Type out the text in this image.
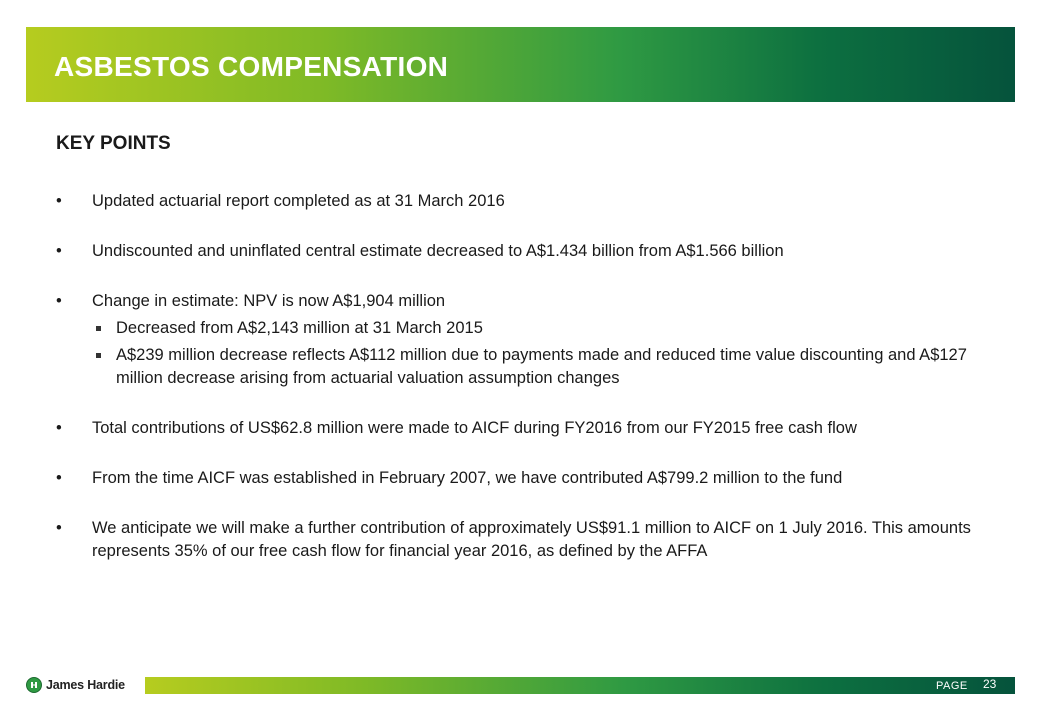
ASBESTOS COMPENSATION
KEY POINTS

• Updated actuarial report completed as at 31 March 2016

• Undiscounted and uninflated central estimate decreased to A$1.434 billion from A$1.566 billion

• Change in estimate: NPV is now A$1,904 million

Decreased from A$2,143 million at 31 March 2015

A$239 million decrease reflects A$112 million due to payments made and reduced time value discounting and A$127 million decrease arising from actuarial valuation assumption changes

• Total contributions of US$62.8 million were made to AICF during FY2016 from our FY2015 free cash flow

• From the time AICF was established in February 2007, we have contributed A$799.2 million to the fund

• We anticipate we will make a further contribution of approximately US$91.1 million to AICF on 1 July 2016. This amounts represents 35% of our free cash flow for financial year 2016, as defined by the AFFA

James Hardie	PAGE 23
